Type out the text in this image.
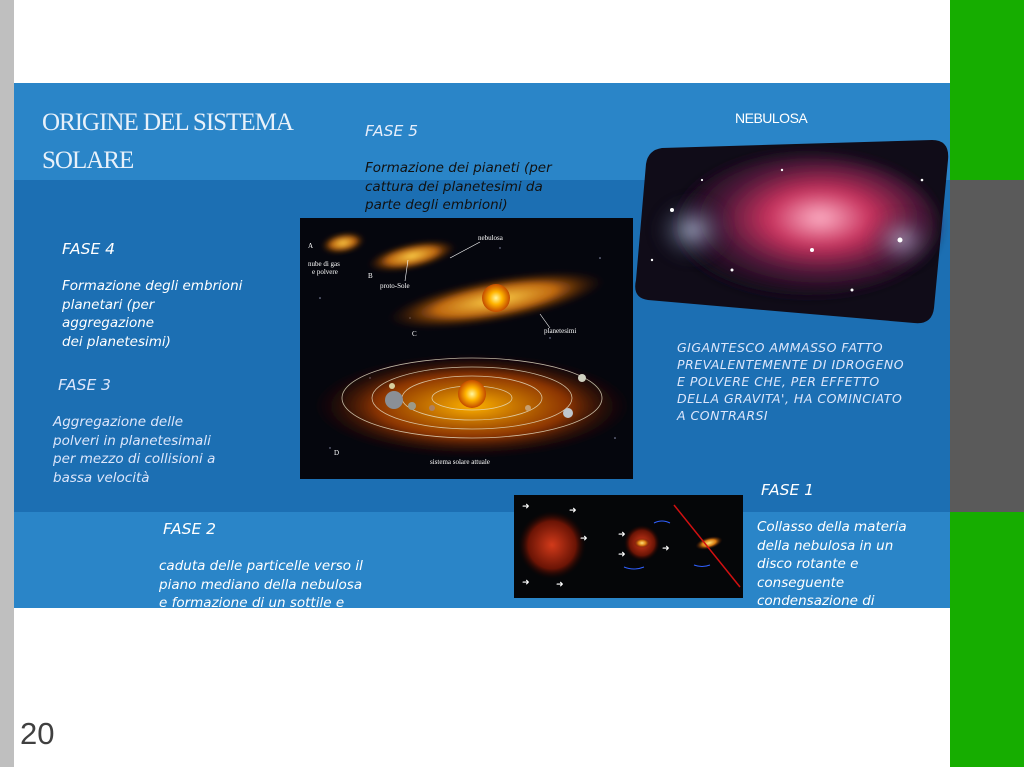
ORIGINE DEL SISTEMA SOLARE

FASE 5

Formazione dei pianeti (per
cattura dei planetesimi da
parte degli embrioni)

FASE 4

Formazione degli embrioni
planetari (per
aggregazione
dei planetesimi)

FASE 3

Aggregazione delle
polveri in planetesimali
per mezzo di collisioni a
bassa velocità

FASE 2

caduta delle particelle verso il
piano mediano della nebulosa
e formazione di un sottile e
denso disco di polveri.

FASE 1

Collasso della materia
della nebulosa in un
disco rotante e
conseguente
condensazione di
piccole particelle

NEBULOSA
GIGANTESCO AMMASSO FATTO
PREVALENTEMENTE DI IDROGENO
E POLVERE CHE, PER EFFETTO
DELLA GRAVITA', HA COMINCIATO
A CONTRARSI
A
nube di gas
e polvere	B
nebulosa
proto-Sole
C	planetesimi
D
sistema solare attuale
➜	➜
➜
➜	➜
➜
➜
➜
20
